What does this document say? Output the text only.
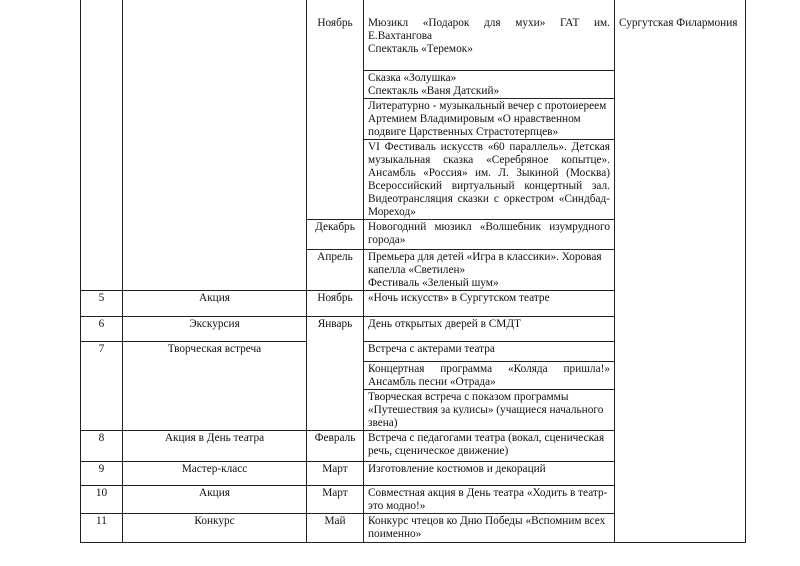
		Ноябрь	Мюзикл «Подарок для мухи» ГАТ им. Е.Вахтангова
Спектакль «Теремок»	Сургутская Филармония

			Сказка «Золушка»
Спектакль «Ваня Датский»	

			Литературно - музыкальный вечер с протоиереем Артемием Владимировым «О нравственном подвиге Царственных Страстотерпцев»	
			VI Фестиваль искусств «60 параллель». Детская музыкальная сказка «Серебряное копытце». Ансамбль «Россия» им. Л. Зыкиной (Москва) Всероссийский виртуальный концертный зал. Видеотрансляция сказки с оркестром «Синдбад-Мореход»	
		Декабрь	Новогодний мюзикл «Волшебник изумрудного города»	
		Апрель	Премьера для детей «Игра в классики». Хоровая капелла «Светилен»
Фестиваль «Зеленый шум»	

5	Акция	Ноябрь	«Ночь искусств» в Сургутском театре	
6	Экскурсия	Январь	День открытых дверей в СМДТ	
7	Творческая встреча		Встреча с актерами театра	
			Концертная программа «Коляда пришла!» Ансамбль песни «Отрада»	
			Творческая встреча с показом программы «Путешествия за кулисы» (учащиеся начального звена)	
8	Акция в День театра	Февраль	Встреча с педагогами театра (вокал, сценическая речь, сценическое движение)	
9	Мастер-класс	Март	Изготовление костюмов и декораций	
10	Акция	Март	Совместная акция в День театра «Ходить в театр-это модно!»	
11	Конкурс	Май	Конкурс чтецов ко Дню Победы «Вспомним всех поименно»	
